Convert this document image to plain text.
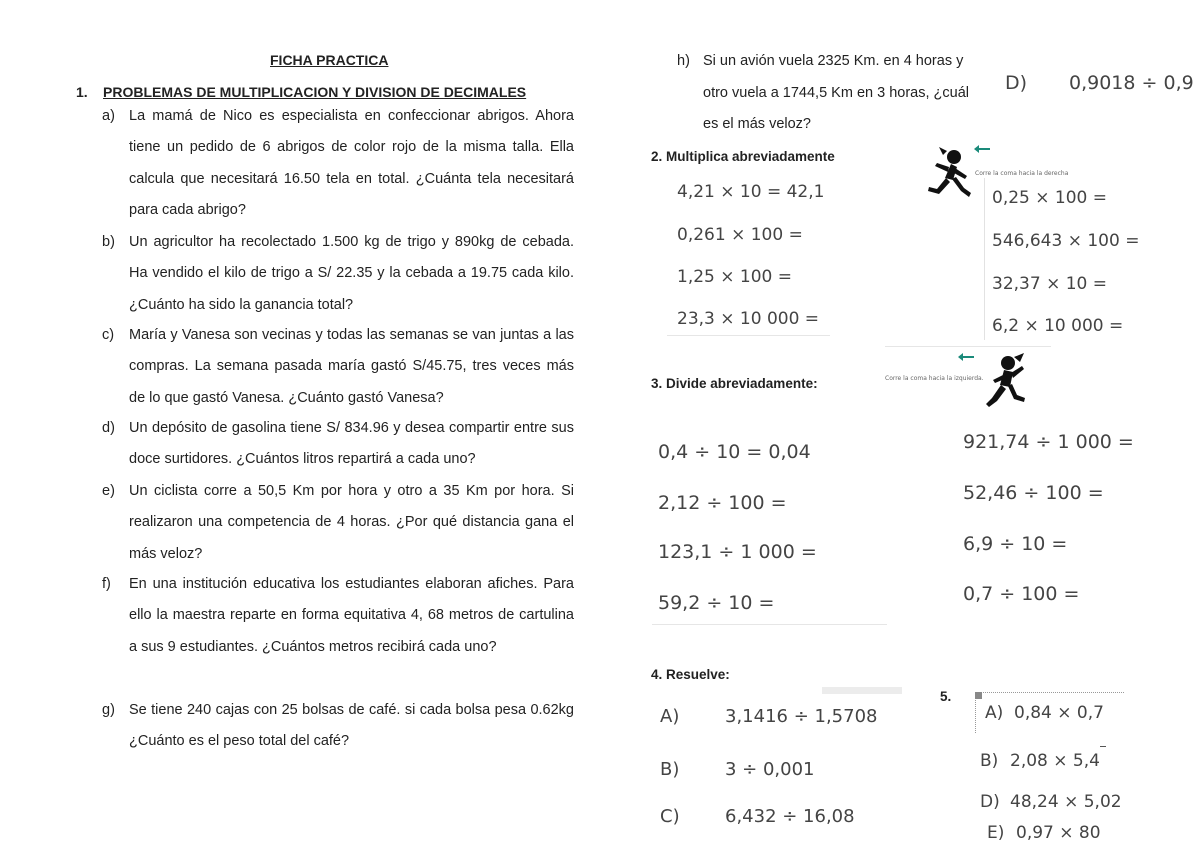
FICHA PRACTICA
1. PROBLEMAS DE MULTIPLICACION Y DIVISION DE DECIMALES
a) La mamá de Nico es especialista en confeccionar abrigos. Ahora tiene un pedido de 6 abrigos de color rojo de la misma talla. Ella calcula que necesitará 16.50 tela en total. ¿Cuánta tela necesitará para cada abrigo?
b) Un agricultor ha recolectado 1.500 kg de trigo y 890kg de cebada. Ha vendido el kilo de trigo a S/ 22.35 y la cebada a 19.75 cada kilo. ¿Cuánto ha sido la ganancia total?
c) María y Vanesa son vecinas y todas las semanas se van juntas a las compras. La semana pasada maría gastó S/45.75, tres veces más de lo que gastó Vanesa. ¿Cuánto gastó Vanesa?
d) Un depósito de gasolina tiene S/ 834.96 y desea compartir entre sus doce surtidores. ¿Cuántos litros repartirá a cada uno?
e) Un ciclista corre a 50,5 Km por hora y otro a 35 Km por hora. Si realizaron una competencia de 4 horas. ¿Por qué distancia gana el más veloz?
f) En una institución educativa los estudiantes elaboran afiches. Para ello la maestra reparte en forma equitativa 4, 68 metros de cartulina a sus 9 estudiantes. ¿Cuántos metros recibirá cada uno?
g) Se tiene 240 cajas con 25 bolsas de café. si cada bolsa pesa 0.62kg ¿Cuánto es el peso total del café?
h) Si un avión vuela 2325 Km. en 4 horas y
otro vuela a 1744,5 Km en 3 horas, ¿cuál
es el más veloz?
D) 0,9018 ÷ 0,9
2. Multiplica abreviadamente
Corre la coma hacia la derecha
4,21 × 10 = 42,1
0,261 × 100 =
1,25 × 100 =
23,3 × 10 000 =
0,25 × 100 =
546,643 × 100 =
32,37 × 10 =
6,2 × 10 000 =
3. Divide abreviadamente:	Corre la coma hacia la izquierda.
0,4 ÷ 10 = 0,04
2,12 ÷ 100 =
123,1 ÷ 1 000 =
59,2 ÷ 10 =
921,74 ÷ 1 000 =
52,46 ÷ 100 =
6,9 ÷ 10 =
0,7 ÷ 100 =
4. Resuelve:
A)	3,1416 ÷ 1,5708
B)	3 ÷ 0,001
C)	6,432 ÷ 16,08
5.
A) 0,84 × 0,7
B) 2,08 × 5,4
D) 48,24 × 5,02
E) 0,97 × 80
